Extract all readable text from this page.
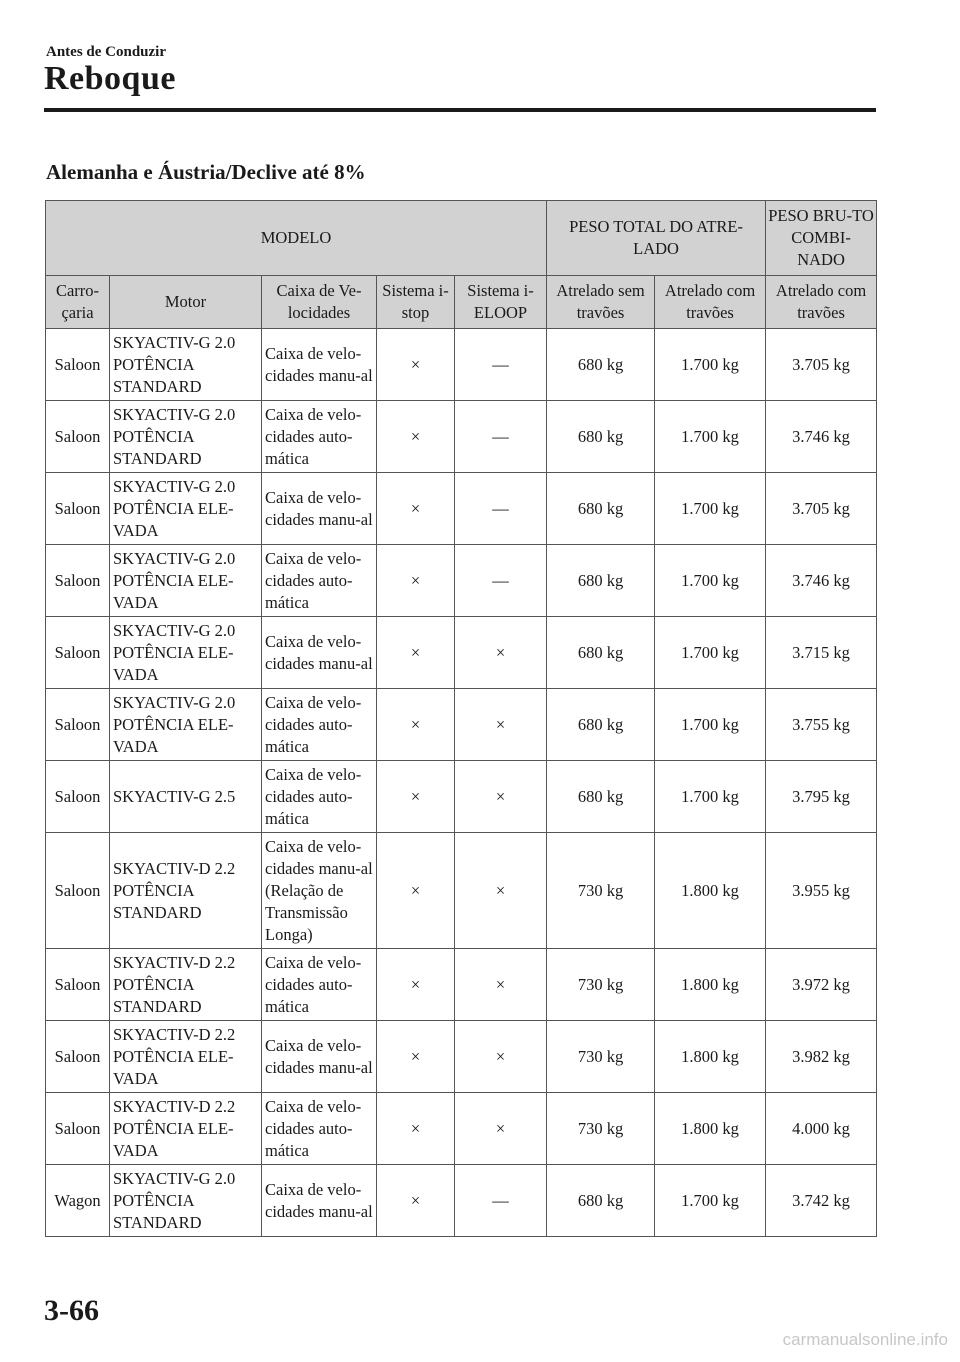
Antes de Conduzir
Reboque
Alemanha e Áustria/Declive até 8%
MODELO					PESO TOTAL DO ATRE-LADO		PESO BRU-TO COMBI-NADO
Carro-çaria	Motor	Caixa de Ve-locidades	Sistema i-stop	Sistema i-ELOOP	Atrelado sem travões	Atrelado com travões	Atrelado com travões
Saloon	SKYACTIV-G 2.0 POTÊNCIA STANDARD	Caixa de velo-cidades manu-al	×	—	680 kg	1.700 kg	3.705 kg
Saloon	SKYACTIV-G 2.0 POTÊNCIA STANDARD	Caixa de velo-cidades auto-mática	×	—	680 kg	1.700 kg	3.746 kg
Saloon	SKYACTIV-G 2.0 POTÊNCIA ELE-VADA	Caixa de velo-cidades manu-al	×	—	680 kg	1.700 kg	3.705 kg
Saloon	SKYACTIV-G 2.0 POTÊNCIA ELE-VADA	Caixa de velo-cidades auto-mática	×	—	680 kg	1.700 kg	3.746 kg
Saloon	SKYACTIV-G 2.0 POTÊNCIA ELE-VADA	Caixa de velo-cidades manu-al	×	×	680 kg	1.700 kg	3.715 kg
Saloon	SKYACTIV-G 2.0 POTÊNCIA ELE-VADA	Caixa de velo-cidades auto-mática	×	×	680 kg	1.700 kg	3.755 kg
Saloon	SKYACTIV-G 2.5	Caixa de velo-cidades auto-mática	×	×	680 kg	1.700 kg	3.795 kg
Saloon	SKYACTIV-D 2.2 POTÊNCIA STANDARD	Caixa de velo-cidades manu-al (Relação de Transmissão Longa)	×	×	730 kg	1.800 kg	3.955 kg
Saloon	SKYACTIV-D 2.2 POTÊNCIA STANDARD	Caixa de velo-cidades auto-mática	×	×	730 kg	1.800 kg	3.972 kg
Saloon	SKYACTIV-D 2.2 POTÊNCIA ELE-VADA	Caixa de velo-cidades manu-al	×	×	730 kg	1.800 kg	3.982 kg
Saloon	SKYACTIV-D 2.2 POTÊNCIA ELE-VADA	Caixa de velo-cidades auto-mática	×	×	730 kg	1.800 kg	4.000 kg
Wagon	SKYACTIV-G 2.0 POTÊNCIA STANDARD	Caixa de velo-cidades manu-al	×	—	680 kg	1.700 kg	3.742 kg
3-66
carmanualsonline.info
